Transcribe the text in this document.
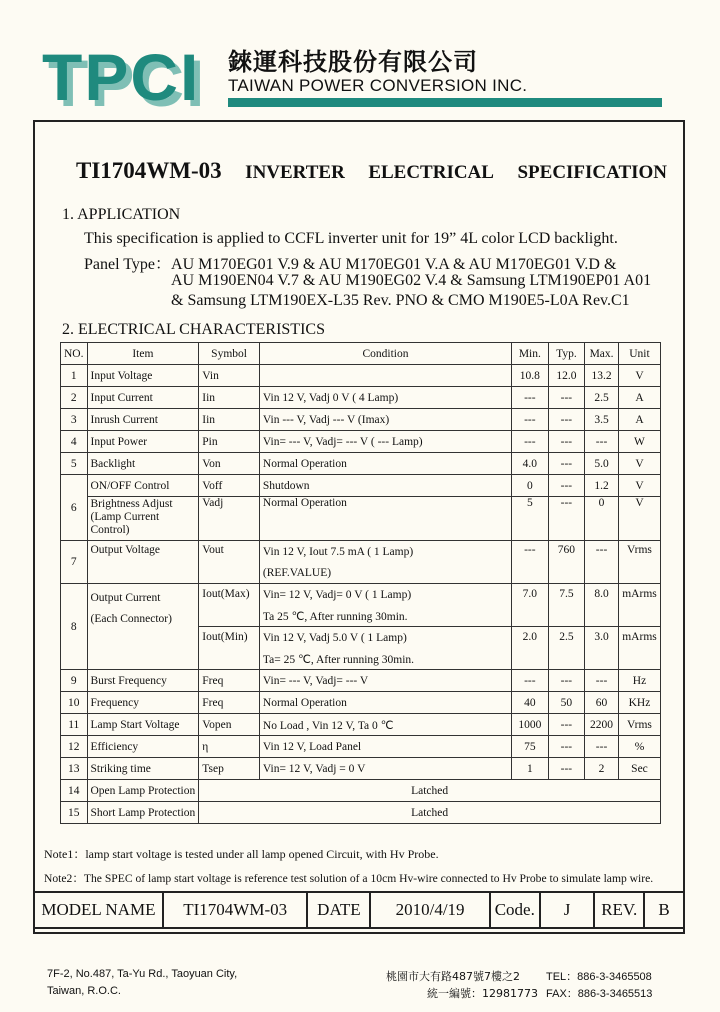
TPCI 錸運科技股份有限公司
TAIWAN POWER CONVERSION INC.
TI1704WM-03 INVERTER ELECTRICAL SPECIFICATION
1. APPLICATION
This specification is applied to CCFL inverter unit for 19” 4L color LCD backlight.
Panel Type：AU M170EG01 V.9 & AU M170EG01 V.A & AU M170EG01 V.D &
AU M190EN04 V.7 & AU M190EG02 V.4 & Samsung LTM190EP01 A01
& Samsung LTM190EX-L35 Rev. PNO & CMO M190E5-L0A Rev.C1
2. ELECTRICAL CHARACTERISTICS
NO.	Item	Symbol	Condition	Min.	Typ.	Max.	Unit
1	Input Voltage	Vin		10.8	12.0	13.2	V
2	Input Current	Iin	Vin 12 V, Vadj 0 V ( 4 Lamp)	---	---	2.5	A
3	Inrush Current	Iin	Vin --- V, Vadj --- V (Imax)	---	---	3.5	A
4	Input Power	Pin	Vin= --- V, Vadj= --- V ( --- Lamp)	---	---	---	W
5	Backlight	Von	Normal Operation	4.0	---	5.0	V
6	ON/OFF Control	Voff	Shutdown	0	---	1.2	V

	Brightness Adjust
(Lamp Current
Control)	Vadj	Normal Operation	5	---	0	V
7	Output Voltage	Vout	Vin 12 V, Iout 7.5 mA ( 1 Lamp)	---	760	---	Vrms
			(REF.VALUE)				
8	Output Current
(Each Connector)	Iout(Max)	Vin= 12 V, Vadj= 0 V ( 1 Lamp)	7.0	7.5	8.0	mArms
			Ta 25 ℃, After running 30min.				
		Iout(Min)	Vin 12 V, Vadj 5.0 V ( 1 Lamp)	2.0	2.5	3.0	mArms
			Ta= 25 ℃, After running 30min.				
9	Burst Frequency	Freq	Vin= --- V, Vadj= --- V	---	---	---	Hz
10	Frequency	Freq	Normal Operation	40	50	60	KHz
11	Lamp Start Voltage	Vopen	No Load , Vin 12 V, Ta 0 ℃	1000	---	2200	Vrms
12	Efficiency	η	Vin 12 V, Load Panel	75	---	---	%
13	Striking time	Tsep	Vin= 12 V, Vadj = 0 V	1	---	2	Sec
14	Open Lamp Protection	Latched					
15	Short Lamp Protection	Latched					
Note1：lamp start voltage is tested under all lamp opened Circuit, with Hv Probe.
Note2：The SPEC of lamp start voltage is reference test solution of a 10cm Hv-wire connected to Hv Probe to simulate lamp wire.
MODEL NAME	TI1704WM-03	DATE	2010/4/19	Code.	J	REV.	B
7F-2, No.487, Ta-Yu Rd., Taoyuan City,
Taiwan, R.O.C.
桃園市大有路487號7樓之2 TEL：886-3-3465508
統一編號：12981773 FAX：886-3-3465513
